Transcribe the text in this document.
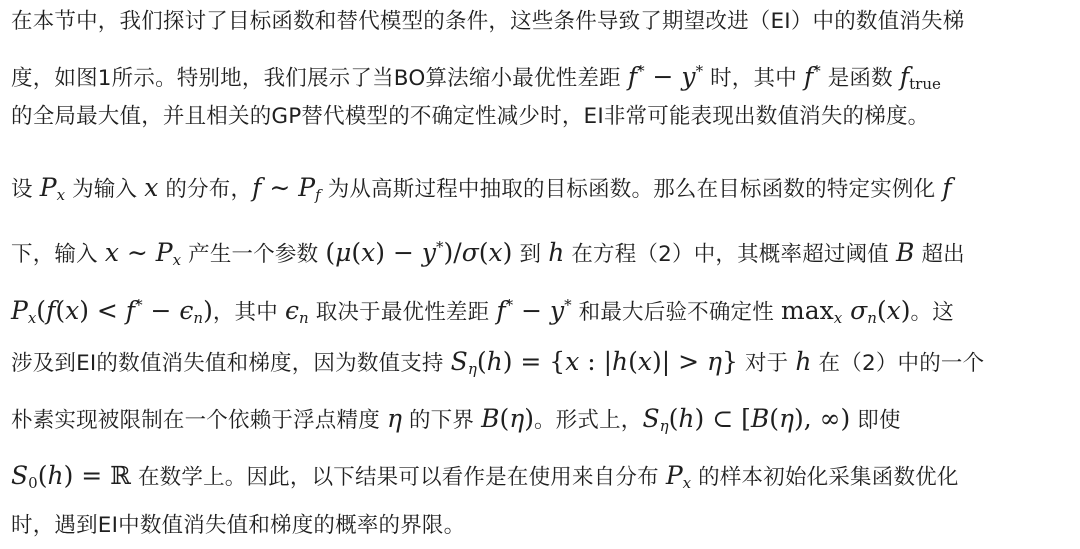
在本节中，我们探讨了目标函数和替代模型的条件，这些条件导致了期望改进（EI）中的数值消失梯
度，如图1所示。特别地，我们展示了当BO算法缩小最优性差距 f* − y* 时，其中 f* 是函数 $f_{true}$
的全局最大值，并且相关的GP替代模型的不确定性减少时，EI非常可能表现出数值消失的梯度。
设 $P_x$ 为输入 x 的分布，f ∼ $P_f$ 为从高斯过程中抽取的目标函数。那么在目标函数的特定实例化 f
下，输入 x ∼ $P_x$ 产生一个参数 (μ(x) − y*)/σ(x) 到 h 在方程（2）中，其概率超过阈值 B 超出
$P_x(f(x) < f^* - \epsilon_n)$，其中 $\epsilon_n$ 取决于最优性差距 f* − y* 和最大后验不确定性 $\max_x \sigma_n(x)$。这
涉及到EI的数值消失值和梯度，因为数值支持 $S_\eta(h) = \{x$ : |h(x)| > η} 对于 h 在（2）中的一个
朴素实现被限制在一个依赖于浮点精度 η 的下界 B(η)。形式上，$S_\eta(h)$ ⊂ [B(η), ∞) 即使
$S_0(h)$ = ℝ 在数学上。因此，以下结果可以看作是在使用来自分布 $P_x$ 的样本初始化采集函数优化
时，遇到EI中数值消失值和梯度的概率的界限。
